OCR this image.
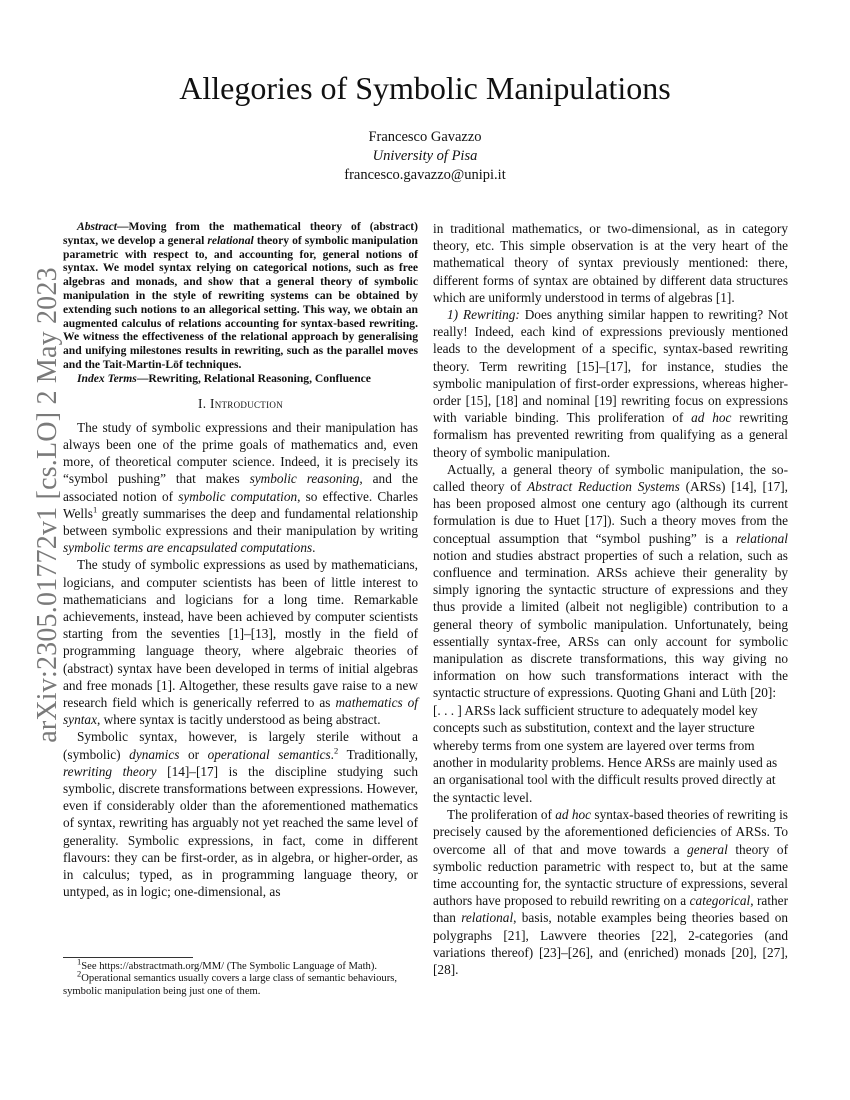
arXiv:2305.01772v1 [cs.LO] 2 May 2023
Allegories of Symbolic Manipulations
Francesco Gavazzo
University of Pisa
francesco.gavazzo@unipi.it

Abstract—Moving from the mathematical theory of (abstract) syntax, we develop a general relational theory of symbolic manipulation parametric with respect to, and accounting for, general notions of syntax. We model syntax relying on categorical notions, such as free algebras and monads, and show that a general theory of symbolic manipulation in the style of rewriting systems can be obtained by extending such notions to an allegorical setting. This way, we obtain an augmented calculus of relations accounting for syntax-based rewriting. We witness the effectiveness of the relational approach by generalising and unifying milestones results in rewriting, such as the parallel moves and the Tait-Martin-Löf techniques.

Index Terms—Rewriting, Relational Reasoning, Confluence

I. Introduction

The study of symbolic expressions and their manipulation has always been one of the prime goals of mathematics and, even more, of theoretical computer science. Indeed, it is precisely its “symbol pushing” that makes symbolic reasoning, and the associated notion of symbolic computation, so effective. Charles Wells$^1$ greatly summarises the deep and fundamental relationship between symbolic expressions and their manipulation by writing symbolic terms are encapsulated computations.

The study of symbolic expressions as used by mathematicians, logicians, and computer scientists has been of little interest to mathematicians and logicians for a long time. Remarkable achievements, instead, have been achieved by computer scientists starting from the seventies [1]–[13], mostly in the field of programming language theory, where algebraic theories of (abstract) syntax have been developed in terms of initial algebras and free monads [1]. Altogether, these results gave raise to a new research field which is generically referred to as mathematics of syntax, where syntax is tacitly understood as being abstract.

Symbolic syntax, however, is largely sterile without a (symbolic) dynamics or operational semantics.$^2$ Traditionally, rewriting theory [14]–[17] is the discipline studying such symbolic, discrete transformations between expressions. However, even if considerably older than the aforementioned mathematics of syntax, rewriting has arguably not yet reached the same level of generality. Symbolic expressions, in fact, come in different flavours: they can be first-order, as in algebra, or higher-order, as in calculus; typed, as in programming language theory, or untyped, as in logic; one-dimensional, as

$^1$See https://abstractmath.org/MM/ (The Symbolic Language of Math).

$^2$Operational semantics usually covers a large class of semantic behaviours, symbolic manipulation being just one of them.

in traditional mathematics, or two-dimensional, as in category theory, etc. This simple observation is at the very heart of the mathematical theory of syntax previously mentioned: there, different forms of syntax are obtained by different data structures which are uniformly understood in terms of algebras [1].

1) Rewriting: Does anything similar happen to rewriting? Not really! Indeed, each kind of expressions previously mentioned leads to the development of a specific, syntax-based rewriting theory. Term rewriting [15]–[17], for instance, studies the symbolic manipulation of first-order expressions, whereas higher-order [15], [18] and nominal [19] rewriting focus on expressions with variable binding. This proliferation of ad hoc rewriting formalism has prevented rewriting from qualifying as a general theory of symbolic manipulation.

Actually, a general theory of symbolic manipulation, the so-called theory of Abstract Reduction Systems (ARSs) [14], [17], has been proposed almost one century ago (although its current formulation is due to Huet [17]). Such a theory moves from the conceptual assumption that “symbol pushing” is a relational notion and studies abstract properties of such a relation, such as confluence and termination. ARSs achieve their generality by simply ignoring the syntactic structure of expressions and they thus provide a limited (albeit not negligible) contribution to a general theory of symbolic manipulation. Unfortunately, being essentially syntax-free, ARSs can only account for symbolic manipulation as discrete transformations, this way giving no information on how such transformations interact with the syntactic structure of expressions. Quoting Ghani and Lüth [20]:

[. . . ] ARSs lack sufficient structure to adequately model key concepts such as substitution, context and the layer structure whereby terms from one system are layered over terms from another in modularity problems. Hence ARSs are mainly used as an organisational tool with the difficult results proved directly at the syntactic level.

The proliferation of ad hoc syntax-based theories of rewriting is precisely caused by the aforementioned deficiencies of ARSs. To overcome all of that and move towards a general theory of symbolic reduction parametric with respect to, but at the same time accounting for, the syntactic structure of expressions, several authors have proposed to rebuild rewriting on a categorical, rather than relational, basis, notable examples being theories based on polygraphs [21], Lawvere theories [22], 2-categories (and variations thereof) [23]–[26], and (enriched) monads [20], [27], [28].
